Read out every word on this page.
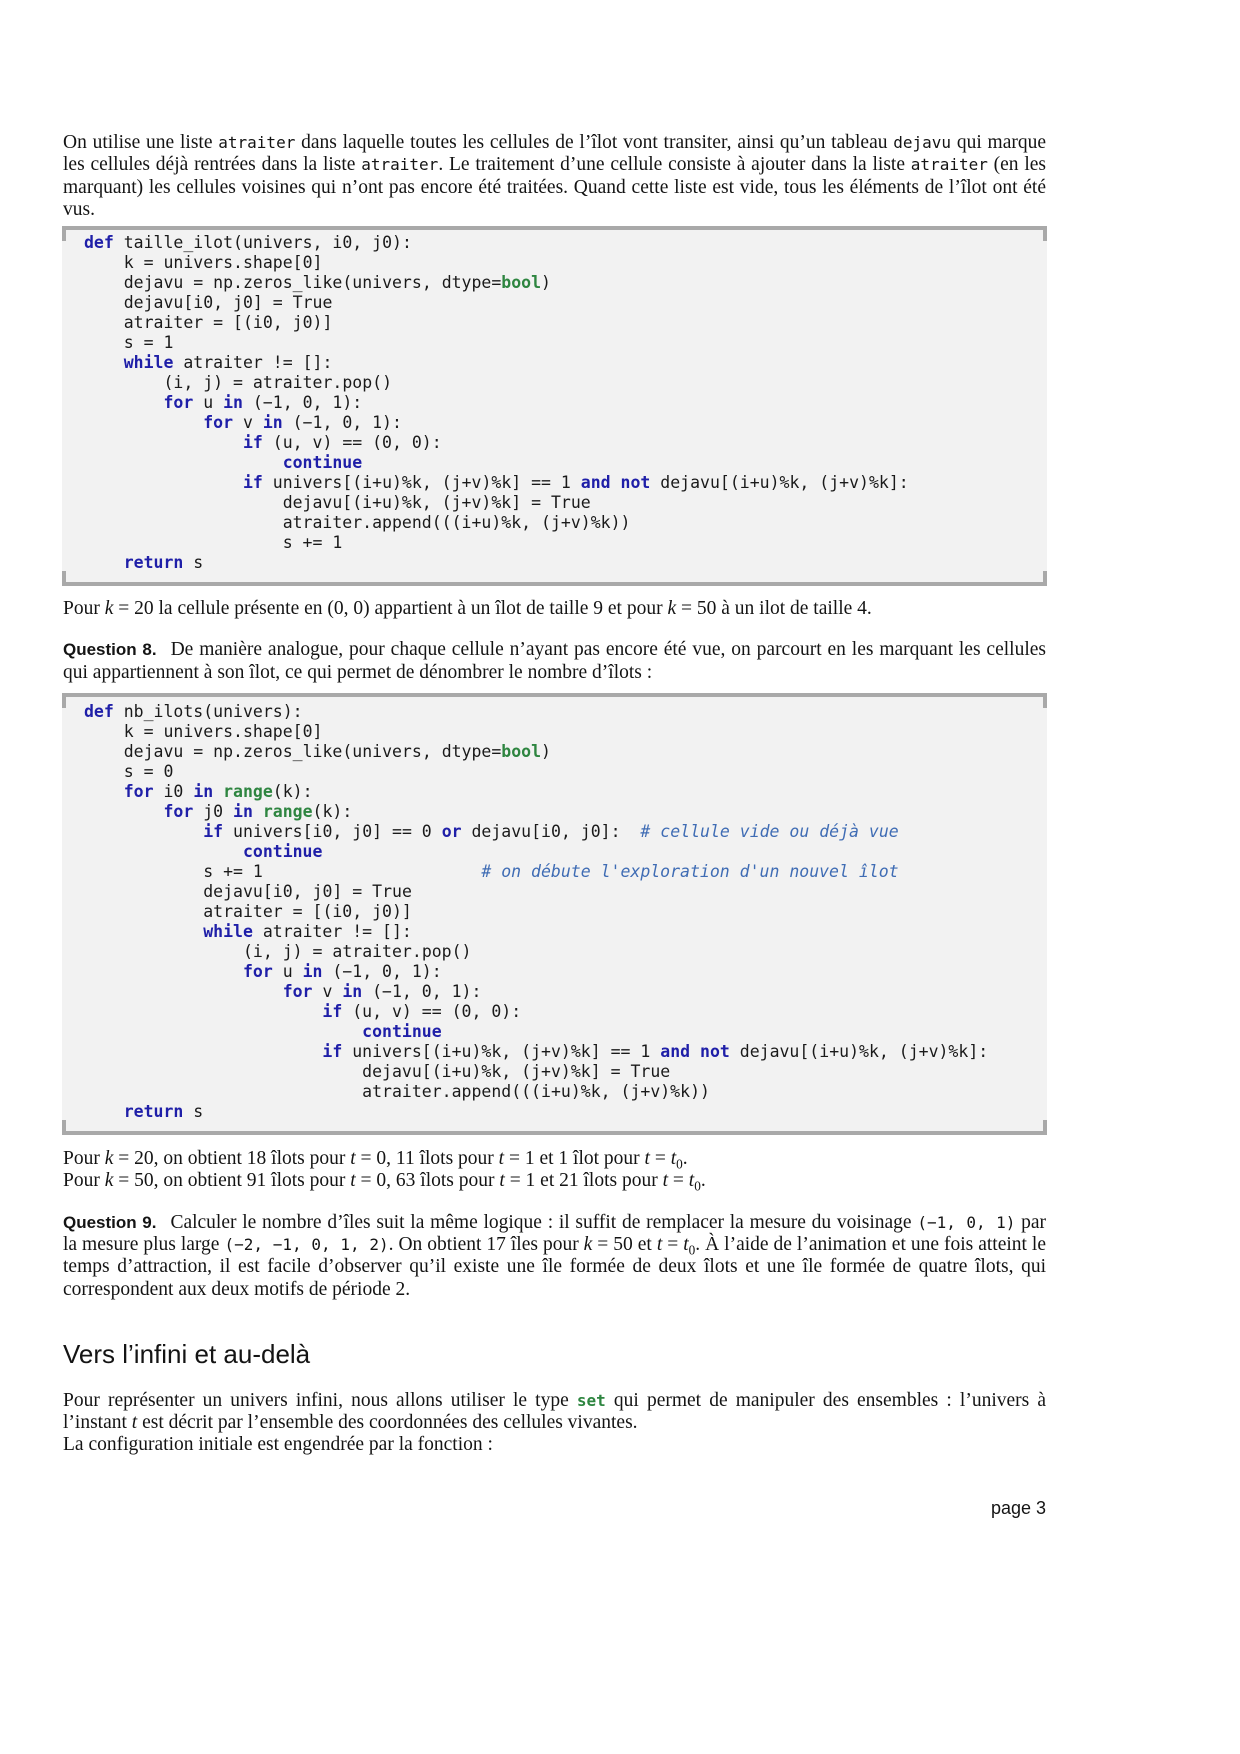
On utilise une liste atraiter dans laquelle toutes les cellules de l’îlot vont transiter, ainsi qu’un tableau dejavu qui marque les cellules déjà rentrées dans la liste atraiter. Le traitement d’une cellule consiste à ajouter dans la liste atraiter (en les marquant) les cellules voisines qui n’ont pas encore été traitées. Quand cette liste est vide, tous les éléments de l’îlot ont été vus.

def taille_ilot(univers, i0, j0):
k = univers.shape[0]
dejavu = np.zeros_like(univers, dtype=bool)
dejavu[i0, j0] = True
atraiter = [(i0, j0)]
s = 1
while atraiter != []:
(i, j) = atraiter.pop()
for u in (−1, 0, 1):
for v in (−1, 0, 1):
if (u, v) == (0, 0):
continue
if univers[(i+u)%k, (j+v)%k] == 1 and not dejavu[(i+u)%k, (j+v)%k]:
dejavu[(i+u)%k, (j+v)%k] = True
atraiter.append(((i+u)%k, (j+v)%k))
s += 1
return s

Pour k = 20 la cellule présente en (0, 0) appartient à un îlot de taille 9 et pour k = 50 à un ilot de taille 4.

Question 8. De manière analogue, pour chaque cellule n’ayant pas encore été vue, on parcourt en les marquant les cellules qui appartiennent à son îlot, ce qui permet de dénombrer le nombre d’îlots :

def nb_ilots(univers):
k = univers.shape[0]
dejavu = np.zeros_like(univers, dtype=bool)
s = 0
for i0 in range(k):
for j0 in range(k):
if univers[i0, j0] == 0 or dejavu[i0, j0]:  # cellule vide ou déjà vue
continue
s += 1                      # on débute l'exploration d'un nouvel îlot
dejavu[i0, j0] = True
atraiter = [(i0, j0)]
while atraiter != []:
(i, j) = atraiter.pop()
for u in (−1, 0, 1):
for v in (−1, 0, 1):
if (u, v) == (0, 0):
continue
if univers[(i+u)%k, (j+v)%k] == 1 and not dejavu[(i+u)%k, (j+v)%k]:
dejavu[(i+u)%k, (j+v)%k] = True
atraiter.append(((i+u)%k, (j+v)%k))
return s
Pour k = 20, on obtient 18 îlots pour t = 0, 11 îlots pour t = 1 et 1 îlot pour $t = t_0$.
Pour k = 50, on obtient 91 îlots pour t = 0, 63 îlots pour t = 1 et 21 îlots pour $t = t_0$.

Question 9. Calculer le nombre d’îles suit la même logique : il suffit de remplacer la mesure du voisinage (−1, 0, 1) par la mesure plus large (−2, −1, 0, 1, 2). On obtient 17 îles pour k = 50 et $t = t_0$. À l’aide de l’animation et une fois atteint le temps d’attraction, il est facile d’observer qu’il existe une île formée de deux îlots et une île formée de quatre îlots, qui correspondent aux deux motifs de période 2.

Vers l’infini et au-delà
Pour représenter un univers infini, nous allons utiliser le type set qui permet de manipuler des ensembles : l’univers à l’instant t est décrit par l’ensemble des coordonnées des cellules vivantes.
La configuration initiale est engendrée par la fonction :
page 3
